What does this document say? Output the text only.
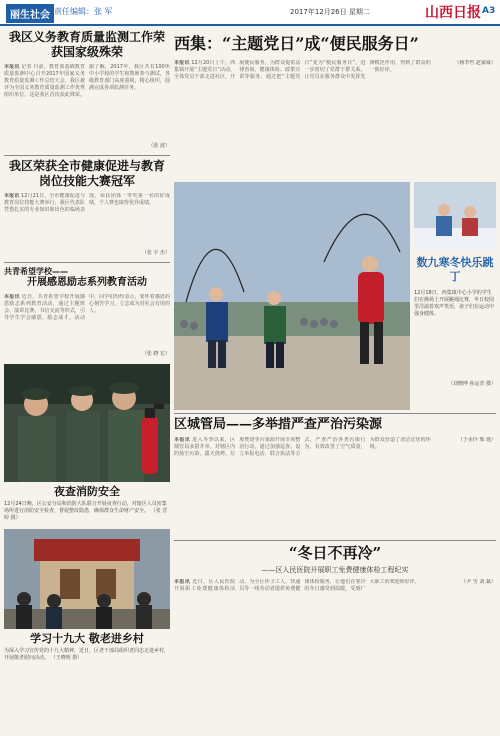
丽生社会 责任编辑：张 军	2017年12月26日 星期二	山西日报 A3
我区义务教育质量监测工作荣获国家级殊荣

本报讯 记者 日前，教育部基础教育质量监测中心召开2017年国家义务教育质量监测工作总结大会，我区被评为全国义务教育质量监测工作优秀组织单位，这是我区首次获此殊荣。据了解，2017年，我区共有100所中小学校的学生和教师参与测试，各级教育部门高度重视，精心组织，圆满完成各项监测任务。

（张 波）
我区荣获全市健康促进与教育岗位技能大赛冠军

本报讯 12月21日，全市健康促进与教育岗位技能大赛举行，我区代表队凭借扎实的专业知识和出色的临场表现，荣获团体一等奖第一名的好成绩，个人赛也取得优异成绩。

（张 宇 杰）
共青希望学校——
开展感恩励志系列教育活动

本报讯 近日，共青希望学校开展感恩励志系列教育活动，通过主题班会、演讲比赛、书信交流等形式，引导学生学会感恩、励志成才。活动中，同学们纷纷表示，要怀着感恩的心刻苦学习，立志成为对社会有用的人。

（张 晓 宏）
夜查消防安全
12月24日晚，区公安分局和消防大队联合开展夜查行动，对辖区人员密集场所进行消防安全检查，督促整改隐患，确保群众生命财产安全。 （张 晋 婷 摄）
学习十九大 敬老进乡村
为深入学习宣传党的十九大精神，近日，区老干部局组织老同志走进乡村，开展敬老慰问活动。 （王晓明 摄）
西集：“主题党日”成“便民服务日”

本报讯 12月20日上午，西集镇开展“主题党日”活动，全体党员干部走进社区，开展便民服务，为群众提供法律咨询、健康体检、政策宣讲等服务。通过把“主题党日”变为“便民服务日”，进一步密切了党群干群关系，让党员在服务群众中发挥先锋模范作用，得到了群众的一致好评。

（杨李哲 赵家威）

数九寒冬快乐跳丁
12月18日，西集镇中心小学的学生们在操场上开展跳绳比赛，冬日校园里洋溢着欢声笑语，孩子们在运动中强身健体。
（刘晓博 孙运青 摄）
区城管局——多举措严查严治污染源

本报讯 进入冬季以来，区城管局多措并举，对辖区内的扬尘污染、露天烧烤、垃圾焚烧等污染源开展专项整治行动。通过加强巡查、设立举报电话、联合执法等方式，严查严治各类污染行为，有效改善了空气质量，为群众营造了清洁宜居的环境。

（于美玲 邢 逸）

“冬日不再冷”
——区人民医院开展职工免费健康体检工程纪实

本报讯 近日，区人民医院开展职工免费健康体检活动，为全区环卫工人、快递员等一线劳动者提供免费健康体检服务，让他们在寒冷的冬日感受到温暖，受到广大职工的欢迎和好评。	（尹 雪 刘 斌）
